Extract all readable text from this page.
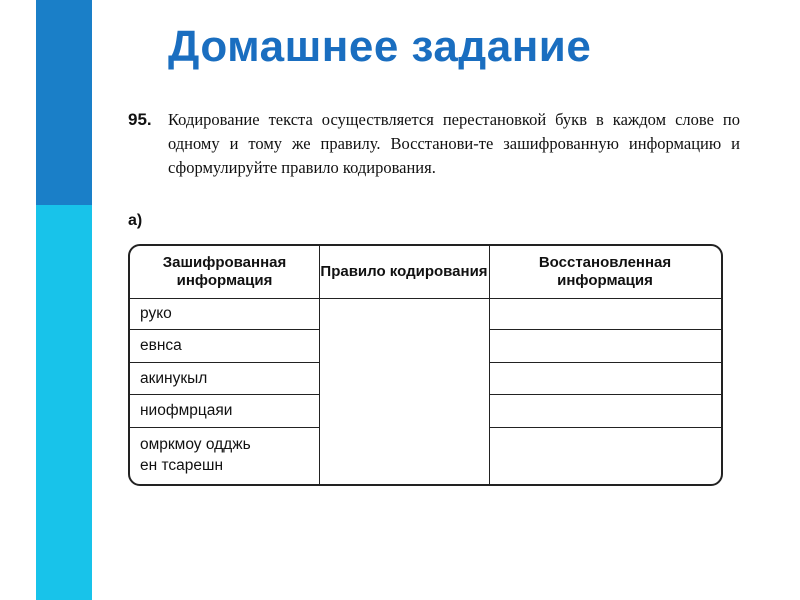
Домашнее задание
95. Кодирование текста осуществляется перестановкой букв в каждом слове по одному и тому же правилу. Восстанови-те зашифрованную информацию и сформулируйте правило кодирования.
а)
Зашифрованная информация
руко
евнса
акинукыл
ниофмрцаяи
омркмоу одджь
ен тсарешн
Правило кодирования
Восстановленная информация
